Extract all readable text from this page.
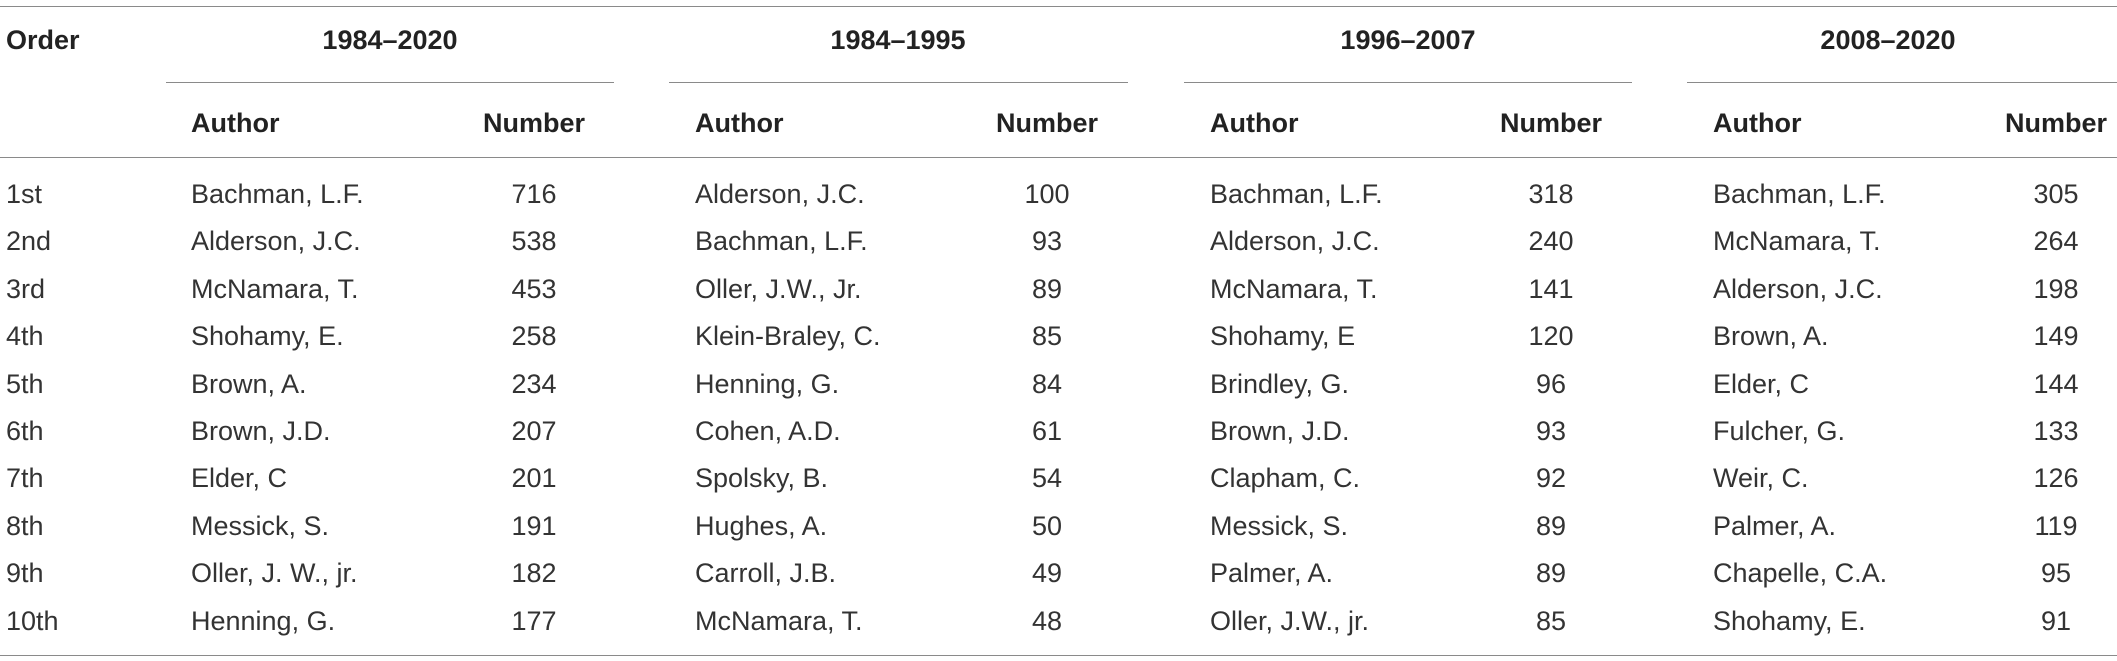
Order	1984–2020
Author	Number
1984–1995
Author	Number
1996–2007
Author	Number
2008–2020
Author	Number
1st	Bachman, L.F.	716	Alderson, J.C.	100	Bachman, L.F.	318	Bachman, L.F.	305
2nd	Alderson, J.C.	538	Bachman, L.F.	93	Alderson, J.C.	240	McNamara, T.	264
3rd	McNamara, T.	453	Oller, J.W., Jr.	89	McNamara, T.	141	Alderson, J.C.	198
4th	Shohamy, E.	258	Klein-Braley, C.	85	Shohamy, E	120	Brown, A.	149
5th	Brown, A.	234	Henning, G.	84	Brindley, G.	96	Elder, C	144
6th	Brown, J.D.	207	Cohen, A.D.	61	Brown, J.D.	93	Fulcher, G.	133
7th	Elder, C	201	Spolsky, B.	54	Clapham, C.	92	Weir, C.	126
8th	Messick, S.	191	Hughes, A.	50	Messick, S.	89	Palmer, A.	119
9th	Oller, J. W., jr.	182	Carroll, J.B.	49	Palmer, A.	89	Chapelle, C.A.	95
10th	Henning, G.	177	McNamara, T.	48	Oller, J.W., jr.	85	Shohamy, E.	91
